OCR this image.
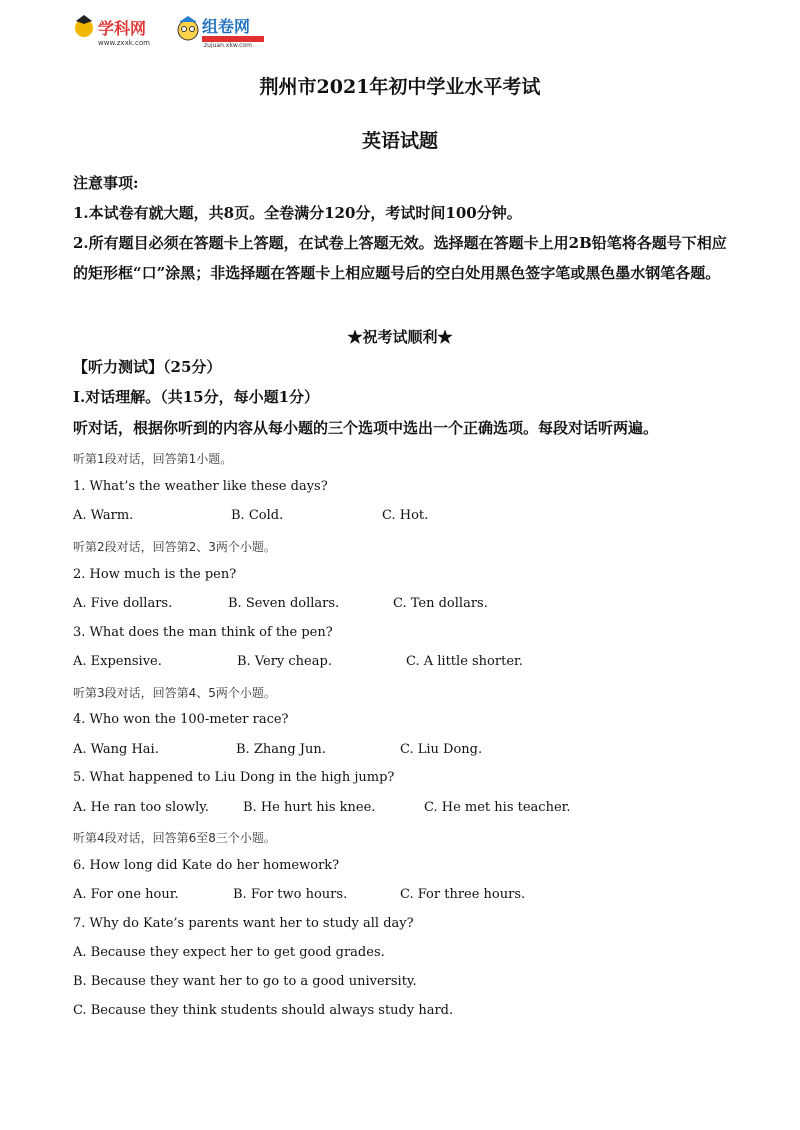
学科网
www.zxxk.com
组卷网
zujuan.xkw.com
荆州市2021年初中学业水平考试
英语试题
注意事项:
1.本试卷有就大题，共8页。全卷满分120分，考试时间100分钟。
2.所有题目必须在答题卡上答题，在试卷上答题无效。选择题在答题卡上用2B铅笔将各题号下相应的矩形框“口”涂黑；非选择题在答题卡上相应题号后的空白处用黑色签字笔或黑色墨水钢笔各题。
★祝考试顺利★
【听力测试】（25分）
Ⅰ.对话理解。（共15分，每小题1分）
听对话，根据你听到的内容从每小题的三个选项中选出一个正确选项。每段对话听两遍。
听第1段对话，回答第1小题。
1. What’s the weather like these days?
A. Warm.	B. Cold.	C. Hot.
听第2段对话，回答第2、3两个小题。
2. How much is the pen?
A. Five dollars.	B. Seven dollars.	C. Ten dollars.
3. What does the man think of the pen?
A. Expensive.	B. Very cheap.	C. A little shorter.
听第3段对话，回答第4、5两个小题。
4. Who won the 100-meter race?
A. Wang Hai.	B. Zhang Jun.	C. Liu Dong.
5. What happened to Liu Dong in the high jump?
A. He ran too slowly.	B. He hurt his knee.	C. He met his teacher.
听第4段对话，回答第6至8三个小题。
6. How long did Kate do her homework?
A. For one hour.	B. For two hours.	C. For three hours.
7. Why do Kate’s parents want her to study all day?
A. Because they expect her to get good grades.
B. Because they want her to go to a good university.
C. Because they think students should always study hard.
